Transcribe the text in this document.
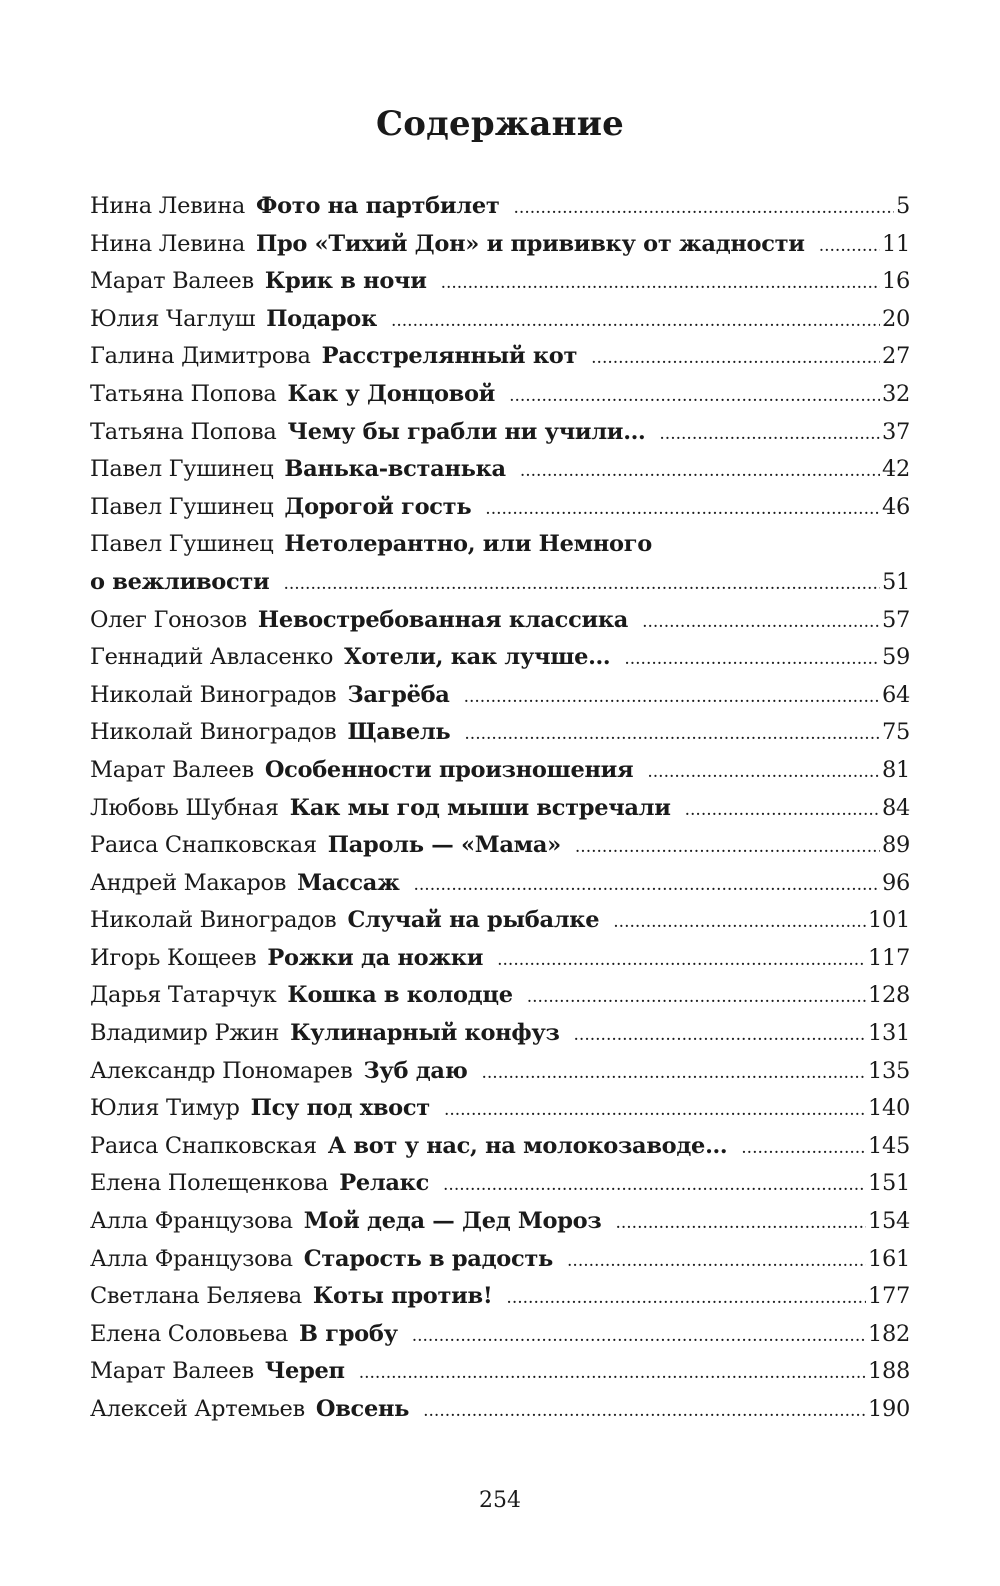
Содержание
Нина Левина Фото на партбилет .....	5
Нина Левина Про «Тихий Дон» и прививку от жадности .....	11
Марат Валеев Крик в ночи .....	16
Юлия Чаглуш Подарок .....	20
Галина Димитрова Расстрелянный кот .....	27
Татьяна Попова Как у Донцовой .....	32
Татьяна Попова Чему бы грабли ни учили… .....	37
Павел Гушинец Ванька-встанька .....	42
Павел Гушинец Дорогой гость .....	46
Павел Гушинец Нетолерантно, или Немного
о вежливости .....	51
Олег Гонозов Невостребованная классика .....	57
Геннадий Авласенко Хотели, как лучше… .....	59
Николай Виноградов Загрёба .....	64
Николай Виноградов Щавель .....	75
Марат Валеев Особенности произношения .....	81
Любовь Шубная Как мы год мыши встречали .....	84
Раиса Снапковская Пароль — «Мама» .....	89
Андрей Макаров Массаж .....	96
Николай Виноградов Случай на рыбалке .....	101
Игорь Кощеев Рожки да ножки .....	117
Дарья Татарчук Кошка в колодце .....	128
Владимир Ржин Кулинарный конфуз .....	131
Александр Пономарев Зуб даю .....	135
Юлия Тимур Псу под хвост .....	140
Раиса Снапковская А вот у нас, на молокозаводе… .....	145
Елена Полещенкова Релакс .....	151
Алла Французова Мой деда — Дед Мороз .....	154
Алла Французова Старость в радость .....	161
Светлана Беляева Коты против! .....	177
Елена Соловьева В гробу .....	182
Марат Валеев Череп .....	188
Алексей Артемьев Овсень .....	190
254
